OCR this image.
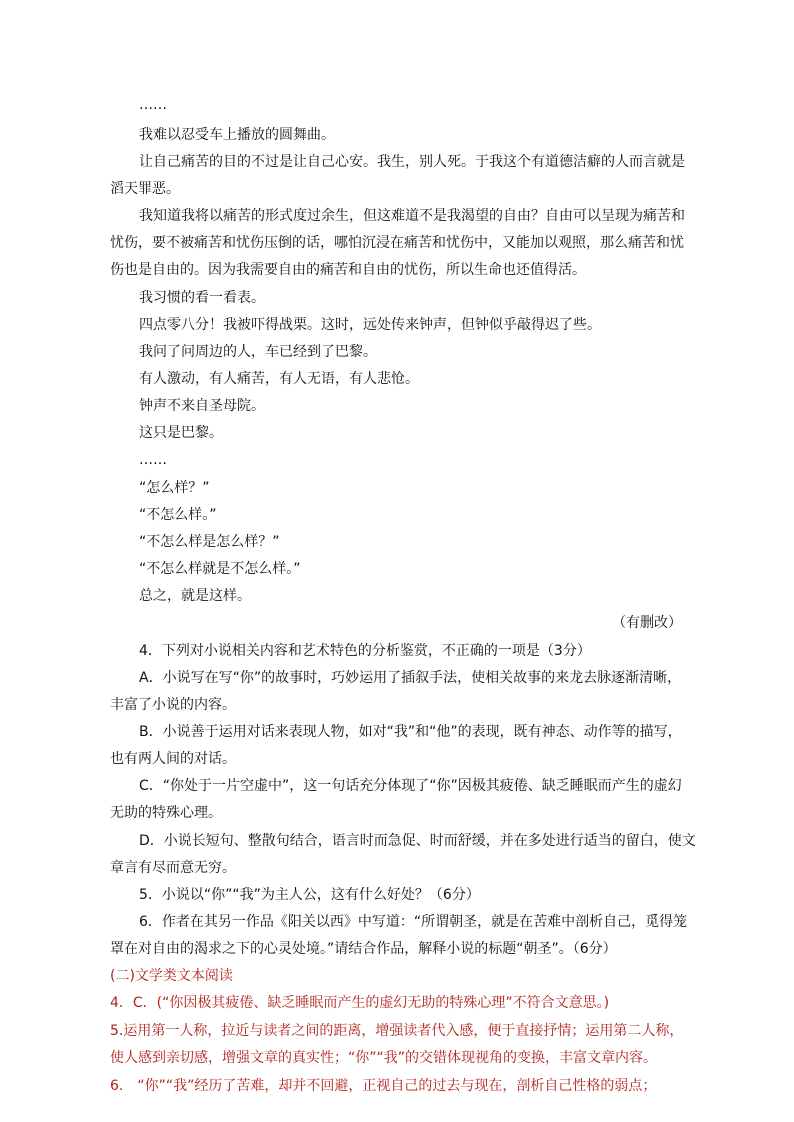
……
我难以忍受车上播放的圆舞曲。
让自己痛苦的目的不过是让自己心安。我生，别人死。于我这个有道德洁癖的人而言就是
滔天罪恶。
我知道我将以痛苦的形式度过余生，但这难道不是我渴望的自由？自由可以呈现为痛苦和
忧伤，要不被痛苦和忧伤压倒的话，哪怕沉浸在痛苦和忧伤中，又能加以观照，那么痛苦和忧
伤也是自由的。因为我需要自由的痛苦和自由的忧伤，所以生命也还值得活。
我习惯的看一看表。
四点零八分！我被吓得战栗。这时，远处传来钟声，但钟似乎敲得迟了些。
我问了问周边的人，车已经到了巴黎。
有人激动，有人痛苦，有人无语，有人悲怆。
钟声不来自圣母院。
这只是巴黎。
……
“怎么样？”
“不怎么样。”
“不怎么样是怎么样？”
“不怎么样就是不怎么样。”
总之，就是这样。
（有删改）
4．下列对小说相关内容和艺术特色的分析鉴赏，不正确的一项是（3分）
A．小说写在写“你”的故事时，巧妙运用了插叙手法，使相关故事的来龙去脉逐渐清晰，
丰富了小说的内容。
B．小说善于运用对话来表现人物，如对“我”和“他”的表现，既有神态、动作等的描写，
也有两人间的对话。
C．“你处于一片空虚中”，这一句话充分体现了“你”因极其疲倦、缺乏睡眠而产生的虚幻
无助的特殊心理。
D．小说长短句、整散句结合，语言时而急促、时而舒缓，并在多处进行适当的留白，使文
章言有尽而意无穷。
5．小说以“你”“我”为主人公，这有什么好处？（6分）
6．作者在其另一作品《阳关以西》中写道：“所谓朝圣，就是在苦难中剖析自己，觅得笼
罩在对自由的渴求之下的心灵处境。”请结合作品，解释小说的标题“朝圣”。（6分）
(二)文学类文本阅读
4．C．(“你因极其疲倦、缺乏睡眠而产生的虚幻无助的特殊心理”不符合文意思。)
5.运用第一人称，拉近与读者之间的距离，增强读者代入感，便于直接抒情；运用第二人称，
使人感到亲切感，增强文章的真实性；“你”“我”的交错体现视角的变换，丰富文章内容。
6.　“你”“我”经历了苦难，却并不回避，正视自己的过去与现在，剖析自己性格的弱点；
